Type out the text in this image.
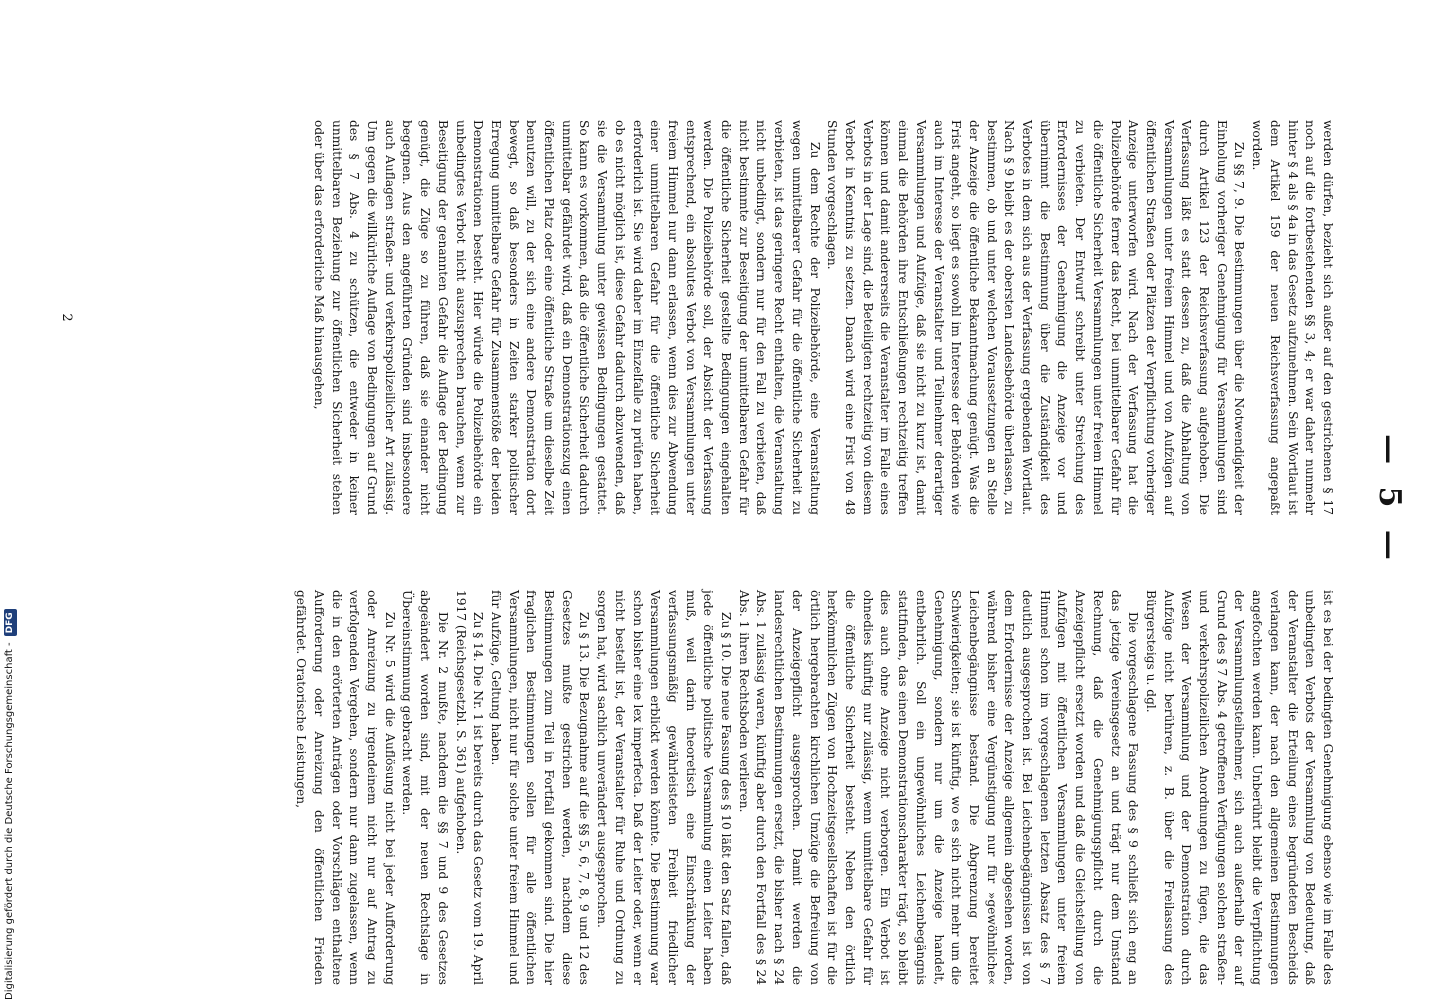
— 5 —

werden dürfen, bezieht sich außer auf den gestrichenen § 17 noch auf die fortbestehenden §§ 3, 4; er war daher nunmehr hinter § 4 als § 4a in das Gesetz aufzunehmen. Sein Wortlaut ist dem Artikel 159 der neuen Reichsverfassung angepaßt worden.

Zu §§ 7, 9. Die Bestimmungen über die Notwendigkeit der Einholung vorheriger Genehmigung für Versammlungen sind durch Artikel 123 der Reichsverfassung aufgehoben. Die Verfassung läßt es statt dessen zu, daß die Abhaltung von Versammlungen unter freiem Himmel und von Aufzügen auf öffentlichen Straßen oder Plätzen der Verpflichtung vorheriger Anzeige unterworfen wird. Nach der Verfassung hat die Polizeibehörde ferner das Recht, bei unmittelbarer Gefahr für die öffentliche Sicherheit Versammlungen unter freiem Himmel zu verbieten. Der Entwurf schreibt unter Streichung des Erfordernisses der Genehmigung die Anzeige vor und übernimmt die Bestimmung über die Zuständigkeit des Verbotes in dem sich aus der Verfassung ergebenden Wortlaut. Nach § 9 bleibt es der obersten Landesbehörde überlassen, zu bestimmen, ob und unter welchen Voraussetzungen an Stelle der Anzeige die öffentliche Bekanntmachung genügt. Was die Frist angeht, so liegt es sowohl im Interesse der Behörden wie auch im Interesse der Veranstalter und Teilnehmer derartiger Versammlungen und Aufzüge, daß sie nicht zu kurz ist, damit einmal die Behörden ihre Entschließungen rechtzeitig treffen können und damit andererseits die Veranstalter im Falle eines Verbots in der Lage sind, die Beteiligten rechtzeitig von diesem Verbot in Kenntnis zu setzen. Danach wird eine Frist von 48 Stunden vorgeschlagen.

Zu dem Rechte der Polizeibehörde, eine Veranstaltung wegen unmittelbarer Gefahr für die öffentliche Sicherheit zu verbieten, ist das geringere Recht enthalten, die Veranstaltung nicht unbedingt, sondern nur für den Fall zu verbieten, daß nicht bestimmte zur Beseitigung der unmittelbaren Gefahr für die öffentliche Sicherheit gestellte Bedingungen eingehalten werden. Die Polizeibehörde soll, der Absicht der Verfassung entsprechend, ein absolutes Verbot von Versammlungen unter freiem Himmel nur dann erlassen, wenn dies zur Abwendung einer unmittelbaren Gefahr für die öffentliche Sicherheit erforderlich ist. Sie wird daher im Einzelfalle zu prüfen haben, ob es nicht möglich ist, diese Gefahr dadurch abzuwenden, daß sie die Versammlung unter gewissen Bedingungen gestattet. So kann es vorkommen, daß die öffentliche Sicherheit dadurch unmittelbar gefährdet wird, daß ein Demonstrationszug einen öffentlichen Platz oder eine öffentliche Straße um dieselbe Zeit benutzen will, zu der sich eine andere Demonstration dort bewegt, so daß besonders in Zeiten starker politischer Erregung unmittelbare Gefahr für Zusammenstöße der beiden Demonstrationen besteht. Hier würde die Polizeibehörde ein unbedingtes Verbot nicht auszusprechen brauchen, wenn zur Beseitigung der genannten Gefahr die Auflage der Bedingung genügt, die Züge so zu führen, daß sie einander nicht begegnen. Aus den angeführten Gründen sind insbesondere auch Auflagen straßen- und verkehrspolizeilicher Art zulässig. Um gegen die willkürliche Auflage von Bedingungen auf Grund des § 7 Abs. 4 zu schützen, die entweder in keiner unmittelbaren Beziehung zur öffentlichen Sicherheit stehen oder über das erforderliche Maß hinausgehen,

ist es bei der bedingten Genehmigung ebenso wie im Falle des unbedingten Verbots der Versammlung von Bedeutung, daß der Veranstalter die Erteilung eines begründeten Bescheids verlangen kann, der nach den allgemeinen Bestimmungen angefochten werden kann. Unberührt bleibt die Verpflichtung der Versammlungsteilnehmer, sich auch außerhalb der auf Grund des § 7 Abs. 4 getroffenen Verfügungen solchen straßen- und verkehrspolizeilichen Anordnungen zu fügen, die das Wesen der Versammlung und der Demonstration durch Aufzüge nicht berühren, z. B. über die Freilassung des Bürgersteigs u. dgl.

Die vorgeschlagene Fassung des § 9 schließt sich eng an das jetzige Vereinsgesetz an und trägt nur dem Umstand Rechnung, daß die Genehmigungspflicht durch die Anzeigepflicht ersetzt worden und daß die Gleichstellung von Aufzügen mit öffentlichen Versammlungen unter freiem Himmel schon im vorgeschlagenen letzten Absatz des § 7 deutlich ausgesprochen ist. Bei Leichenbegängnissen ist von dem Erfordernisse der Anzeige allgemein abgesehen worden, während bisher eine Vergünstigung nur für »gewöhnliche« Leichenbegängnisse bestand. Die Abgrenzung bereitet Schwierigkeiten; sie ist künftig, wo es sich nicht mehr um die Genehmigung, sondern nur um die Anzeige handelt, entbehrlich. Soll ein ungewöhnliches Leichenbegängnis stattfinden, das einen Demonstrationscharakter trägt, so bleibt dies auch ohne Anzeige nicht verborgen. Ein Verbot ist ohnedies künftig nur zulässig, wenn unmittelbare Gefahr für die öffentliche Sicherheit besteht. Neben den örtlich herkömmlichen Zügen von Hochzeitsgesellschaften ist für die örtlich hergebrachten kirchlichen Umzüge die Befreiung von der Anzeigepflicht ausgesprochen. Damit werden die landesrechtlichen Bestimmungen ersetzt, die bisher nach § 24 Abs. 1 zulässig waren, künftig aber durch den Fortfall des § 24 Abs. 1 ihren Rechtsboden verlieren.

Zu § 10. Die neue Fassung des § 10 läßt den Satz fallen, daß jede öffentliche politische Versammlung einen Leiter haben muß, weil darin theoretisch eine Einschränkung der verfassungsmäßig gewährleisteten Freiheit friedlicher Versammlungen erblickt werden könnte. Die Bestimmung war schon bisher eine lex imperfecta. Daß der Leiter oder, wenn er nicht bestellt ist, der Veranstalter für Ruhe und Ordnung zu sorgen hat, wird sachlich unverändert ausgesprochen.

Zu § 13. Die Bezugnahme auf die §§ 5, 6, 7, 8, 9 und 12 des Gesetzes mußte gestrichen werden, nachdem diese Bestimmungen zum Teil in Fortfall gekommen sind. Die hier fraglichen Bestimmungen sollen für alle öffentlichen Versammlungen, nicht nur für solche unter freiem Himmel und für Aufzüge, Geltung haben.

Zu § 14. Die Nr. 1 ist bereits durch das Gesetz vom 19. April 1917 (Reichsgesetzbl. S. 361) aufgehoben.

Die Nr. 2 mußte, nachdem die §§ 7 und 9 des Gesetzes abgeändert worden sind, mit der neuen Rechtslage in Übereinstimmung gebracht werden.

Zu Nr. 5 wird die Auflösung nicht bei jeder Aufforderung oder Anreizung zu irgendeinem nicht nur auf Antrag zu verfolgenden Vergehen, sondern nur dann zugelassen, wenn die in den erörterten Anträgen oder Vorschlägen enthaltene Aufforderung oder Anreizung den öffentlichen Frieden gefährdet. Oratorische Leistungen,

2
Digitalisierung gefördert durch die Deutsche Forschungsgemeinschaft -
DFG
